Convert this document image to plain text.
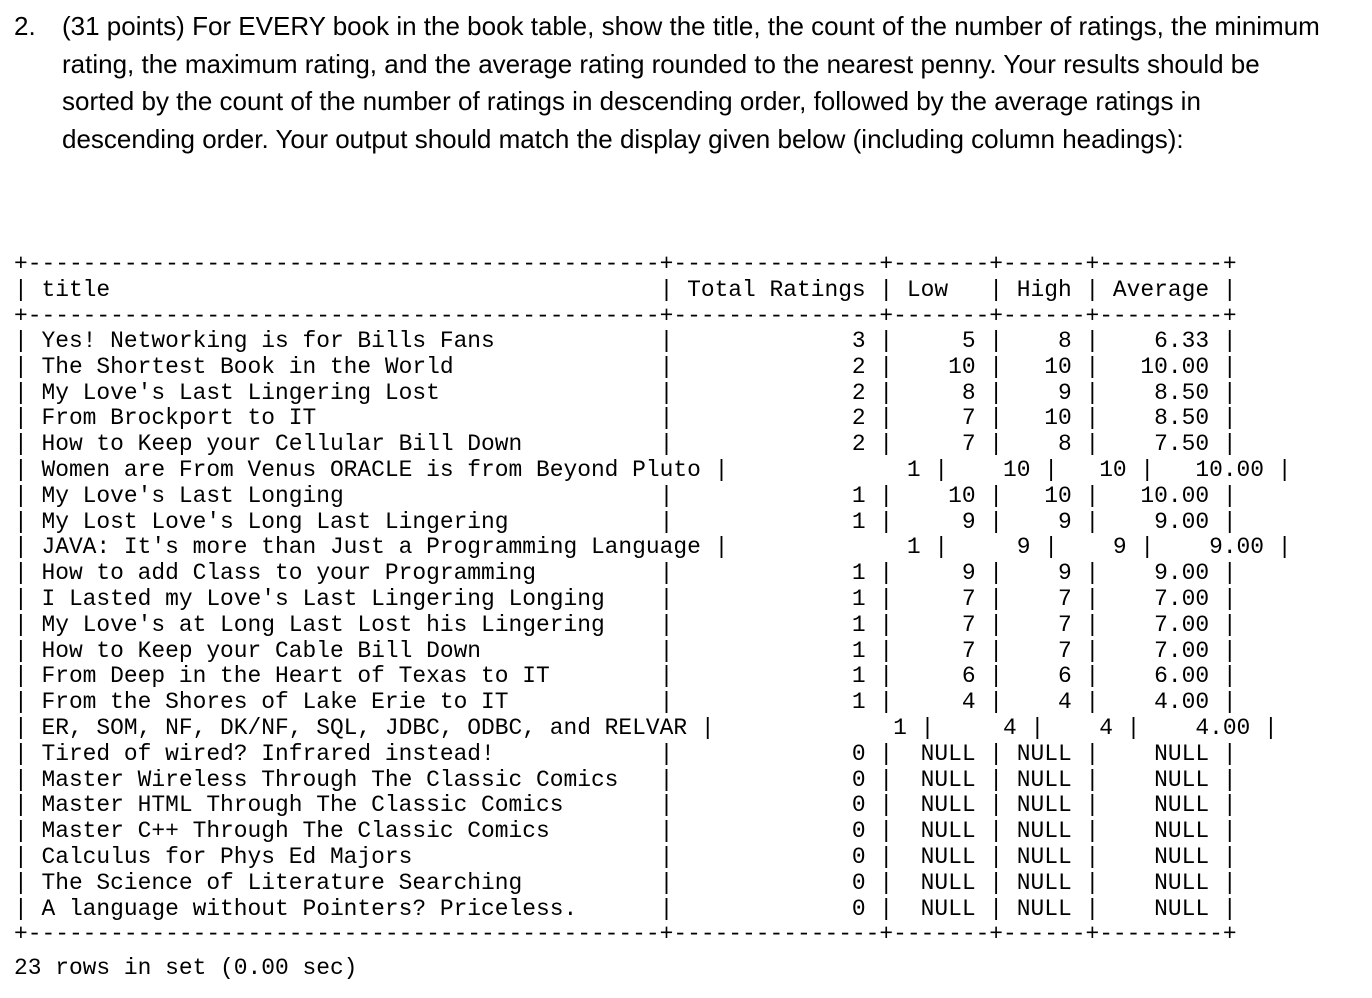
2.	(31 points) For EVERY book in the book table, show the title, the count of the number of ratings, the minimum rating, the maximum rating, and the average rating rounded to the nearest penny. Your results should be sorted by the count of the number of ratings in descending order, followed by the average ratings in descending order. Your output should match the display given below (including column headings):
+----------------------------------------------+---------------+-------+------+---------+
| title                                        | Total Ratings | Low   | High | Average |
+----------------------------------------------+---------------+-------+------+---------+
| Yes! Networking is for Bills Fans            |             3 |     5 |    8 |    6.33 |
| The Shortest Book in the World               |             2 |    10 |   10 |   10.00 |
| My Love's Last Lingering Lost                |             2 |     8 |    9 |    8.50 |
| From Brockport to IT                         |             2 |     7 |   10 |    8.50 |
| How to Keep your Cellular Bill Down          |             2 |     7 |    8 |    7.50 |
| Women are From Venus ORACLE is from Beyond Pluto |             1 |    10 |   10 |   10.00 |
| My Love's Last Longing                       |             1 |    10 |   10 |   10.00 |
| My Lost Love's Long Last Lingering           |             1 |     9 |    9 |    9.00 |
| JAVA: It's more than Just a Programming Language |             1 |     9 |    9 |    9.00 |
| How to add Class to your Programming         |             1 |     9 |    9 |    9.00 |
| I Lasted my Love's Last Lingering Longing    |             1 |     7 |    7 |    7.00 |
| My Love's at Long Last Lost his Lingering    |             1 |     7 |    7 |    7.00 |
| How to Keep your Cable Bill Down             |             1 |     7 |    7 |    7.00 |
| From Deep in the Heart of Texas to IT        |             1 |     6 |    6 |    6.00 |
| From the Shores of Lake Erie to IT           |             1 |     4 |    4 |    4.00 |
| ER, SOM, NF, DK/NF, SQL, JDBC, ODBC, and RELVAR |             1 |     4 |    4 |    4.00 |
| Tired of wired? Infrared instead!            |             0 |  NULL | NULL |    NULL |
| Master Wireless Through The Classic Comics   |             0 |  NULL | NULL |    NULL |
| Master HTML Through The Classic Comics       |             0 |  NULL | NULL |    NULL |
| Master C++ Through The Classic Comics        |             0 |  NULL | NULL |    NULL |
| Calculus for Phys Ed Majors                  |             0 |  NULL | NULL |    NULL |
| The Science of Literature Searching          |             0 |  NULL | NULL |    NULL |
| A language without Pointers? Priceless.      |             0 |  NULL | NULL |    NULL |
+----------------------------------------------+---------------+-------+------+---------+
23 rows in set (0.00 sec)
